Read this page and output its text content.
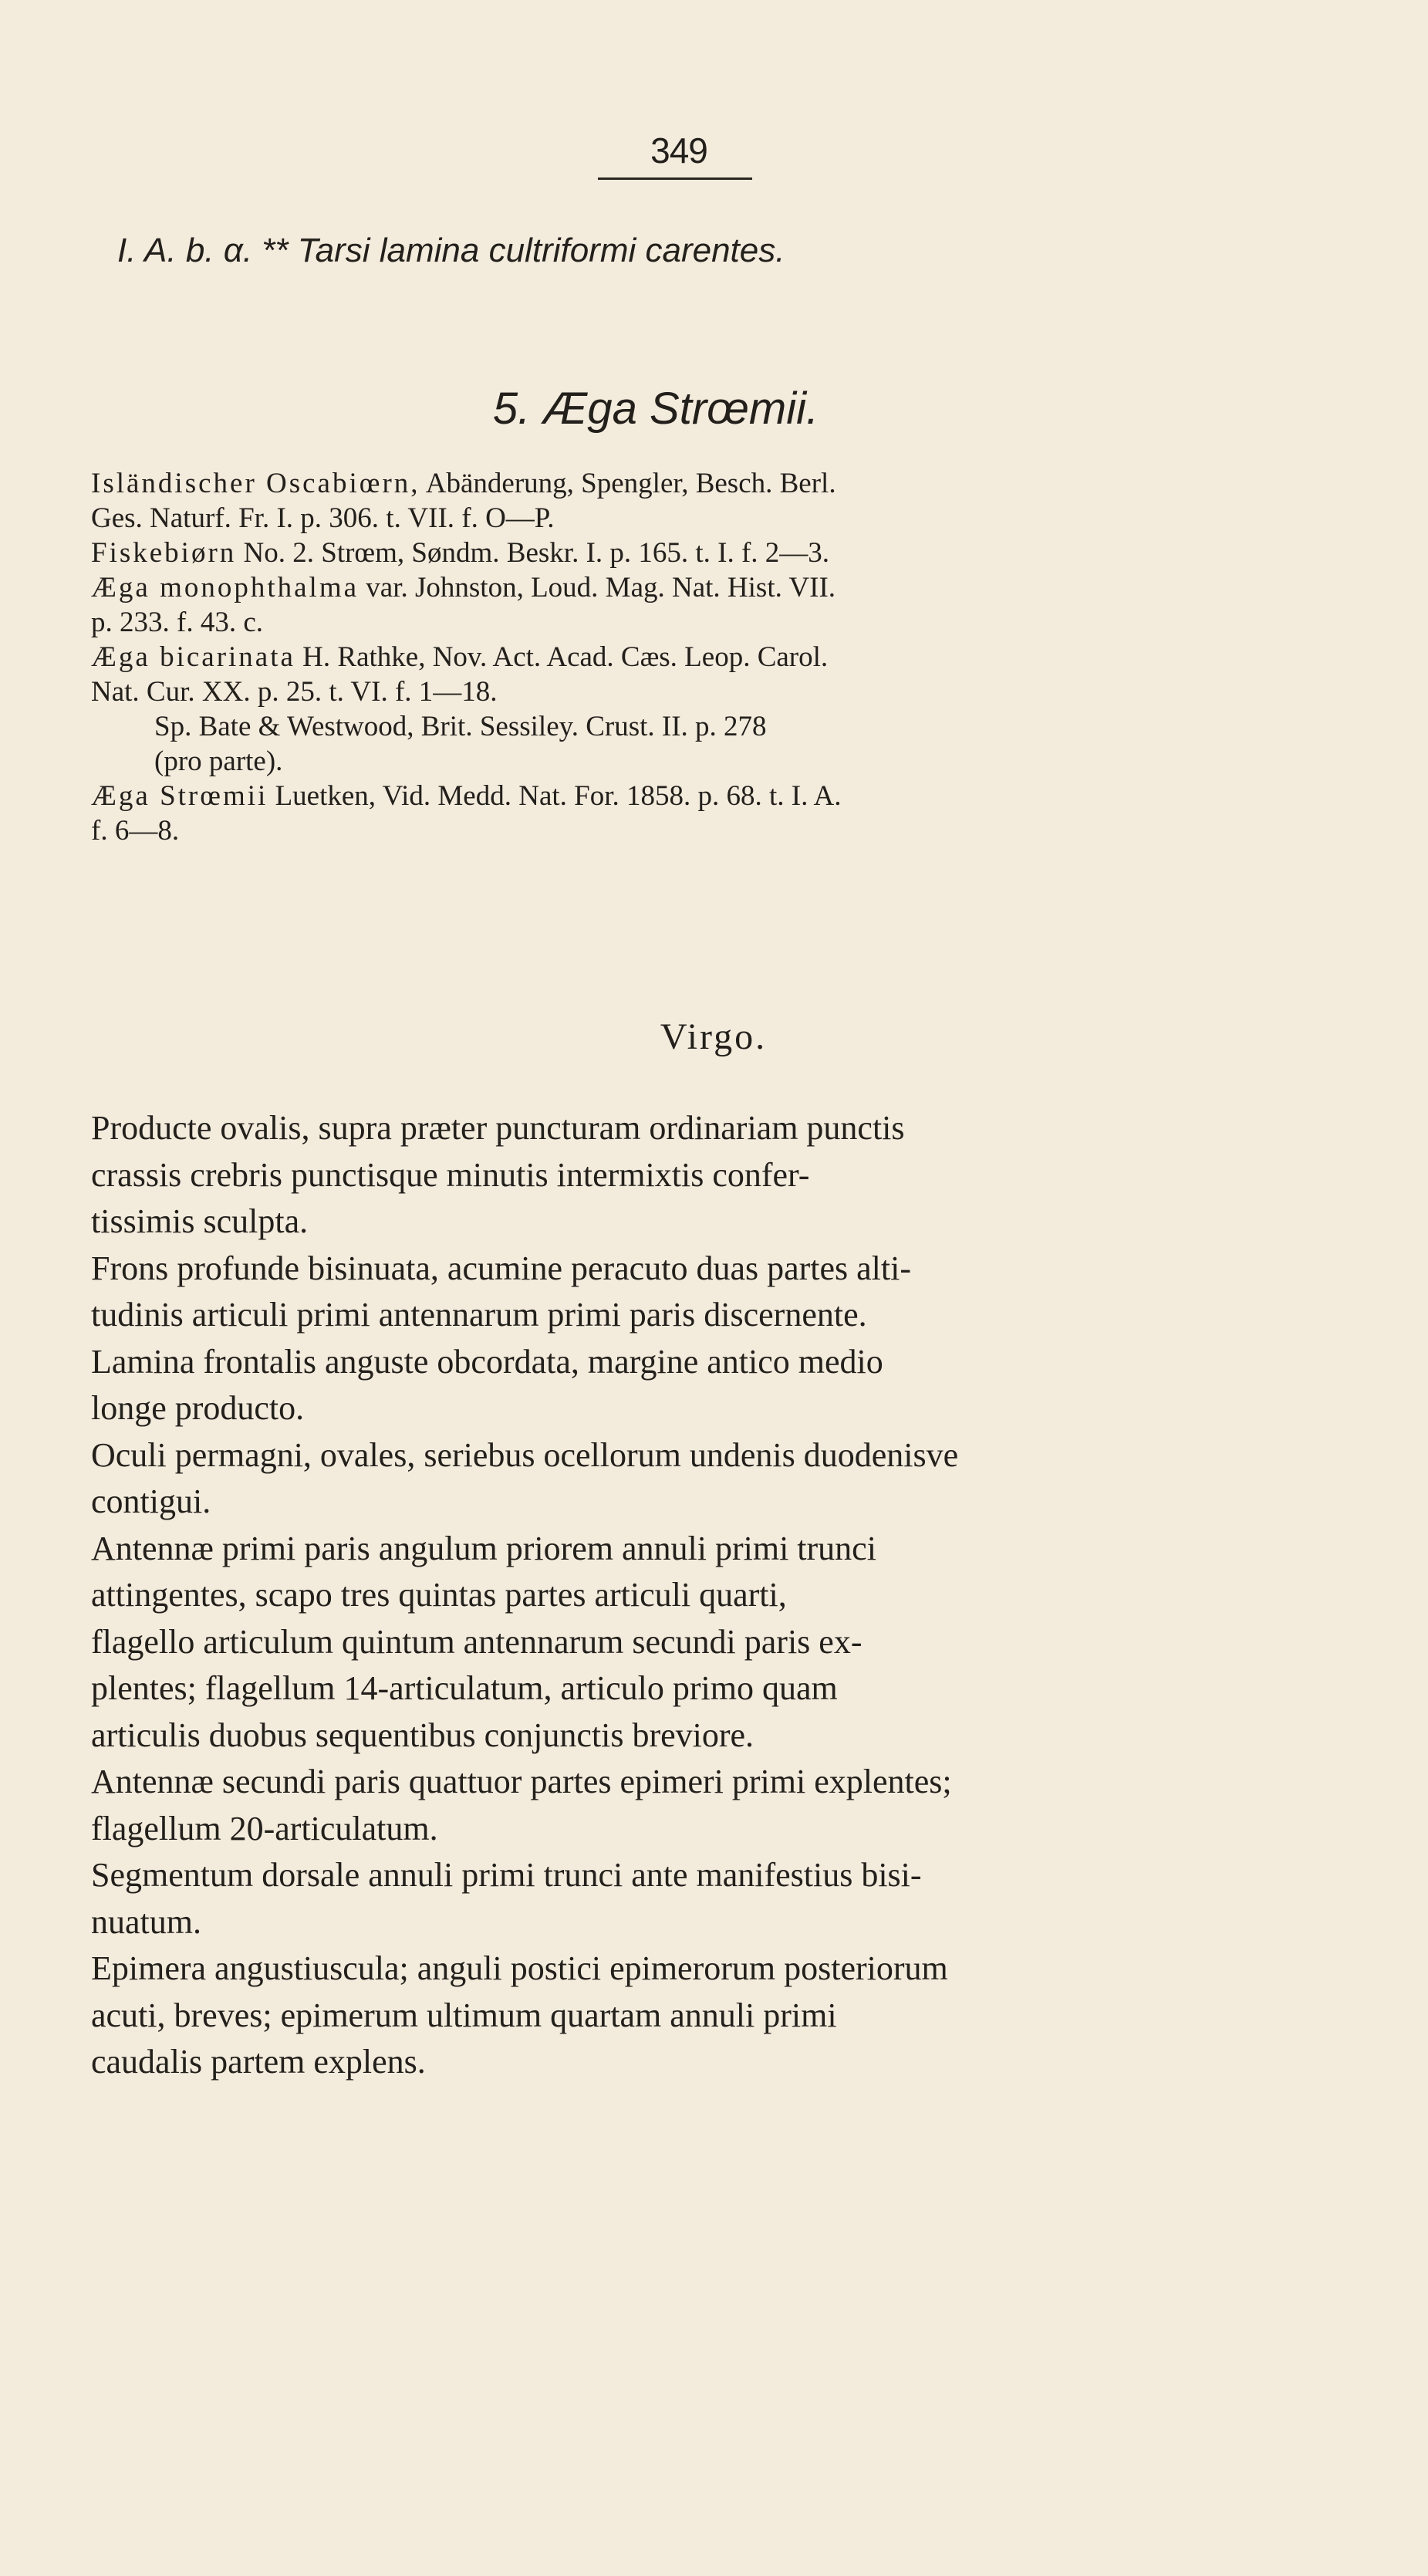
349
I. A. b. α. ** Tarsi lamina cultriformi carentes.
5. Æga Strœmii.
Isländischer Oscabiœrn, Abänderung, Spengler, Besch. Berl.
Ges. Naturf. Fr. I. p. 306. t. VII. f. O—P.
Fiskebiørn No. 2. Strœm, Søndm. Beskr. I. p. 165. t. I. f. 2—3.
Æga monophthalma var. Johnston, Loud. Mag. Nat. Hist. VII.
p. 233. f. 43. c.
Æga bicarinata H. Rathke, Nov. Act. Acad. Cæs. Leop. Carol.
Nat. Cur. XX. p. 25. t. VI. f. 1—18.
Sp. Bate & Westwood, Brit. Sessiley. Crust. II. p. 278
(pro parte).
Æga Strœmii Luetken, Vid. Medd. Nat. For. 1858. p. 68. t. I. A.
f. 6—8.
Virgo.
Producte ovalis, supra præter puncturam ordinariam punctis
crassis crebris punctisque minutis intermixtis confer-
tissimis sculpta.
Frons profunde bisinuata, acumine peracuto duas partes alti-
tudinis articuli primi antennarum primi paris discernente.
Lamina frontalis anguste obcordata, margine antico medio
longe producto.
Oculi permagni, ovales, seriebus ocellorum undenis duodenisve
contigui.
Antennæ primi paris angulum priorem annuli primi trunci
attingentes, scapo tres quintas partes articuli quarti,
flagello articulum quintum antennarum secundi paris ex-
plentes; flagellum 14-articulatum, articulo primo quam
articulis duobus sequentibus conjunctis breviore.
Antennæ secundi paris quattuor partes epimeri primi explentes;
flagellum 20-articulatum.
Segmentum dorsale annuli primi trunci ante manifestius bisi-
nuatum.
Epimera angustiuscula; anguli postici epimerorum posteriorum
acuti, breves; epimerum ultimum quartam annuli primi
caudalis partem explens.
